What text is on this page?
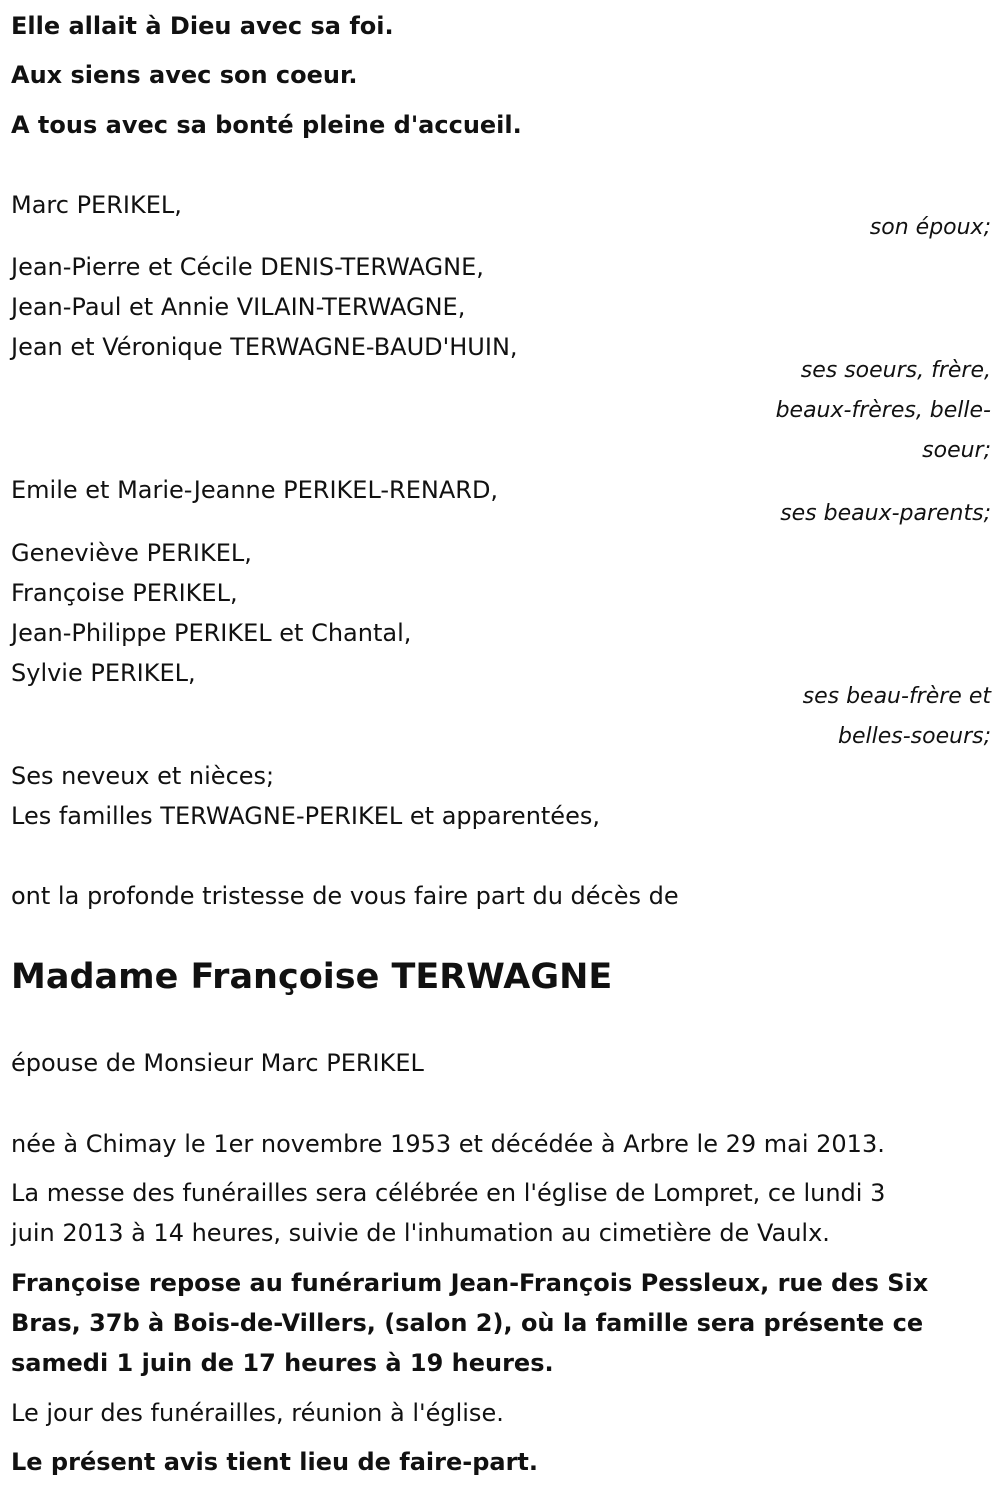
Elle allait à Dieu avec sa foi.
Aux siens avec son coeur.
A tous avec sa bonté pleine d'accueil.
Marc PERIKEL,
son époux;
Jean-Pierre et Cécile DENIS-TERWAGNE,
Jean-Paul et Annie VILAIN-TERWAGNE,
Jean et Véronique TERWAGNE-BAUD'HUIN,
ses soeurs, frère,
beaux-frères, belle-
soeur;
Emile et Marie-Jeanne PERIKEL-RENARD,
ses beaux-parents;
Geneviève PERIKEL,
Françoise PERIKEL,
Jean-Philippe PERIKEL et Chantal,
Sylvie PERIKEL,
ses beau-frère et
belles-soeurs;
Ses neveux et nièces;
Les familles TERWAGNE-PERIKEL et apparentées,
ont la profonde tristesse de vous faire part du décès de
Madame Françoise TERWAGNE
épouse de Monsieur Marc PERIKEL
née à Chimay le 1er novembre 1953 et décédée à Arbre le 29 mai 2013.
La messe des funérailles sera célébrée en l'église de Lompret, ce lundi 3
juin 2013 à 14 heures, suivie de l'inhumation au cimetière de Vaulx.
Françoise repose au funérarium Jean-François Pessleux, rue des Six
Bras, 37b à Bois-de-Villers, (salon 2), où la famille sera présente ce
samedi 1 juin de 17 heures à 19 heures.
Le jour des funérailles, réunion à l'église.
Le présent avis tient lieu de faire-part.
